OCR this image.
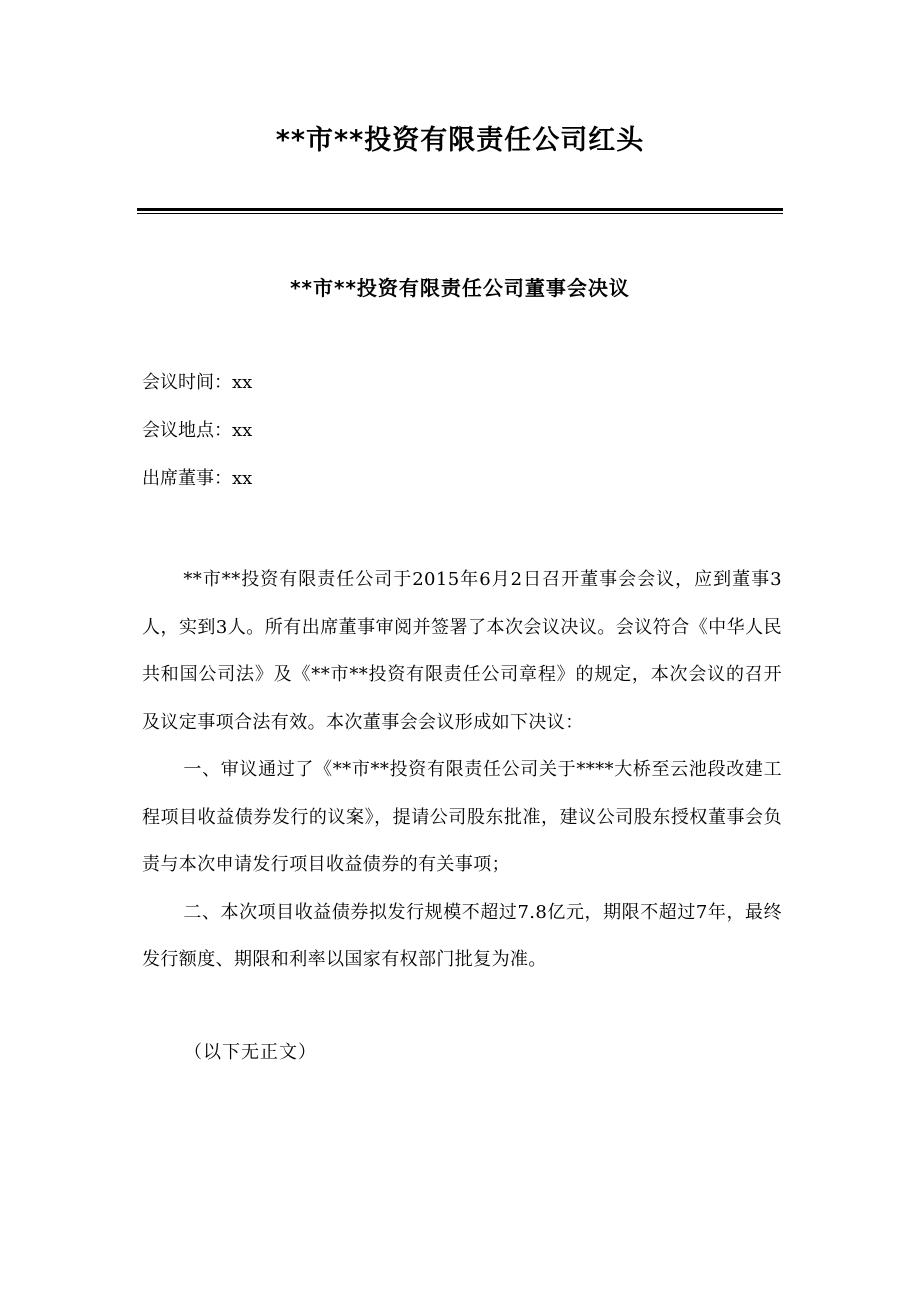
**市**投资有限责任公司红头
**市**投资有限责任公司董事会决议
会议时间：xx
会议地点：xx
出席董事：xx

**市**投资有限责任公司于2015年6月2日召开董事会会议，应到董事3人，实到3人。所有出席董事审阅并签署了本次会议决议。会议符合《中华人民共和国公司法》及《**市**投资有限责任公司章程》的规定，本次会议的召开及议定事项合法有效。本次董事会会议形成如下决议：

一、审议通过了《**市**投资有限责任公司关于****大桥至云池段改建工程项目收益债券发行的议案》，提请公司股东批准，建议公司股东授权董事会负责与本次申请发行项目收益债券的有关事项；

二、本次项目收益债券拟发行规模不超过7.8亿元，期限不超过7年，最终发行额度、期限和利率以国家有权部门批复为准。

（以下无正文）
